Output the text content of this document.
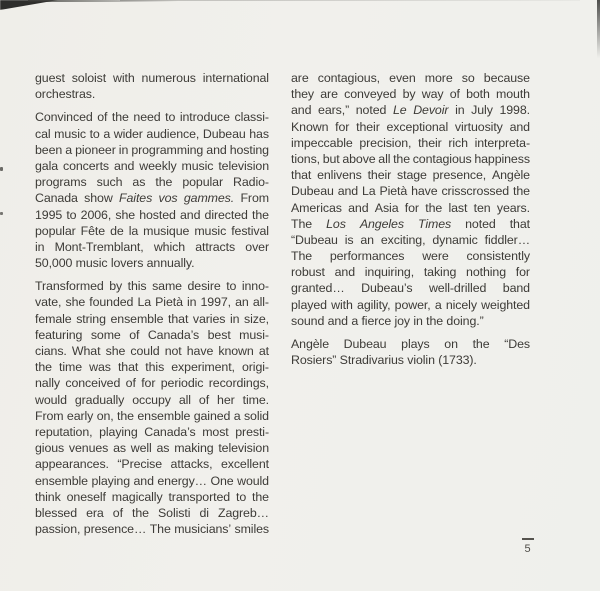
guest soloist with numerous international
orchestras.
Convinced of the need to introduce classi-
cal music to a wider audience, Dubeau has
been a pioneer in programming and hosting
gala concerts and weekly music television
programs such as the popular Radio-
Canada show Faites vos gammes. From
1995 to 2006, she hosted and directed the
popular Fête de la musique music festival
in Mont-Tremblant, which attracts over
50,000 music lovers annually.
Transformed by this same desire to inno-
vate, she founded La Pietà in 1997, an all-
female string ensemble that varies in size,
featuring some of Canada’s best musi-
cians. What she could not have known at
the time was that this experiment, origi-
nally conceived of for periodic recordings,
would gradually occupy all of her time.
From early on, the ensemble gained a solid
reputation, playing Canada’s most presti-
gious venues as well as making television
appearances. “Precise attacks, excellent
ensemble playing and energy… One would
think oneself magically transported to the
blessed era of the Solisti di Zagreb…
passion, presence… The musicians’ smiles
are contagious, even more so because
they are conveyed by way of both mouth
and ears,” noted Le Devoir in July 1998.
Known for their exceptional virtuosity and
impeccable precision, their rich interpreta-
tions, but above all the contagious happiness
that enlivens their stage presence, Angèle
Dubeau and La Pietà have crisscrossed the
Americas and Asia for the last ten years.
The Los Angeles Times noted that
“Dubeau is an exciting, dynamic fiddler…
The performances were consistently
robust and inquiring, taking nothing for
granted… Dubeau’s well-drilled band
played with agility, power, a nicely weighted
sound and a fierce joy in the doing.”
Angèle Dubeau plays on the “Des
Rosiers” Stradivarius violin (1733).
5
